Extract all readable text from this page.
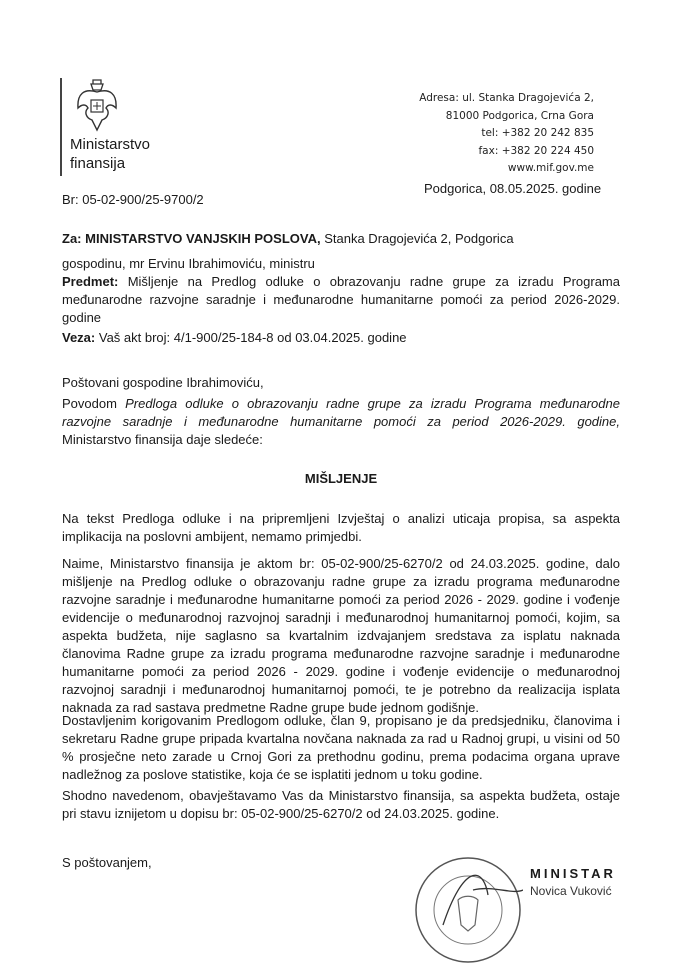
Ministarstvo
finansija
Adresa: ul. Stanka Dragojevića 2,
81000 Podgorica, Crna Gora
tel: +382 20 242 835
fax: +382 20 224 450
www.mif.gov.me
Br: 05-02-900/25-9700/2
Podgorica, 08.05.2025. godine
Za: MINISTARSTVO VANJSKIH POSLOVA, Stanka Dragojevića 2, Podgorica
gospodinu, mr Ervinu Ibrahimoviću, ministru
Predmet: Mišljenje na Predlog odluke o obrazovanju radne grupe za izradu Programa međunarodne razvojne saradnje i međunarodne humanitarne pomoći za period 2026-2029. godine
Veza: Vaš akt broj: 4/1-900/25-184-8 od 03.04.2025. godine
Poštovani gospodine Ibrahimoviću,
Povodom Predloga odluke o obrazovanju radne grupe za izradu Programa međunarodne razvojne saradnje i međunarodne humanitarne pomoći za period 2026-2029. godine, Ministarstvo finansija daje sledeće:
MIŠLJENJE
Na tekst Predloga odluke i na pripremljeni Izvještaj o analizi uticaja propisa, sa aspekta implikacija na poslovni ambijent, nemamo primjedbi.
Naime, Ministarstvo finansija je aktom br: 05-02-900/25-6270/2 od 24.03.2025. godine, dalo mišljenje na Predlog odluke o obrazovanju radne grupe za izradu programa međunarodne razvojne saradnje i međunarodne humanitarne pomoći za period 2026 - 2029. godine i vođenje evidencije o međunarodnoj razvojnoj saradnji i međunarodnoj humanitarnoj pomoći, kojim, sa aspekta budžeta, nije saglasno sa kvartalnim izdvajanjem sredstava za isplatu naknada članovima Radne grupe za izradu programa međunarodne razvojne saradnje i međunarodne humanitarne pomoći za period 2026 - 2029. godine i vođenje evidencije o međunarodnoj razvojnoj saradnji i međunarodnoj humanitarnoj pomoći, te je potrebno da realizacija isplata naknada za rad sastava predmetne Radne grupe bude jednom godišnje.
Dostavljenim korigovanim Predlogom odluke, član 9, propisano je da predsjedniku, članovima i sekretaru Radne grupe pripada kvartalna novčana naknada za rad u Radnoj grupi, u visini od 50 % prosječne neto zarade u Crnoj Gori za prethodnu godinu, prema podacima organa uprave nadležnog za poslove statistike, koja će se isplatiti jednom u toku godine.
Shodno navedenom, obavještavamo Vas da Ministarstvo finansija, sa aspekta budžeta, ostaje pri stavu iznijetom u dopisu br: 05-02-900/25-6270/2 od 24.03.2025. godine.
S poštovanjem,
MINISTAR
Novica Vuković
